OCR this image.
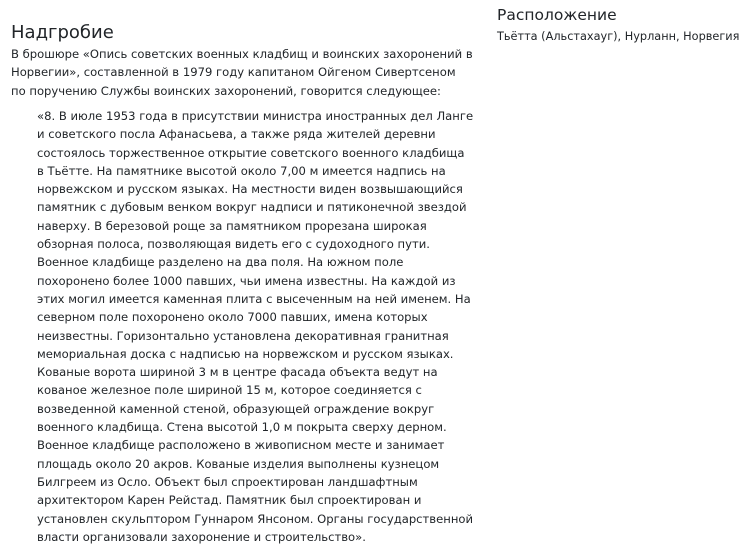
Надгробие

В брошюре «Опись советских военных кладбищ и воинских захоронений в Норвегии», составленной в 1979 году капитаном Ойгеном Сивертсеном по поручению Службы воинских захоронений, говорится следующее:

«8. В июле 1953 года в присутствии министра иностранных дел Ланге и советского посла Афанасьева, а также ряда жителей деревни состоялось торжественное открытие советского военного кладбища в Тьётте. На памятнике высотой около 7,00 м имеется надпись на норвежском и русском языках. На местности виден возвышающийся памятник с дубовым венком вокруг надписи и пятиконечной звездой наверху. В березовой роще за памятником прорезана широкая обзорная полоса, позволяющая видеть его с судоходного пути. Военное кладбище разделено на два поля. На южном поле похоронено более 1000 павших, чьи имена известны. На каждой из этих могил имеется каменная плита с высеченным на ней именем. На северном поле похоронено около 7000 павших, имена которых неизвестны. Горизонтально установлена декоративная гранитная мемориальная доска с надписью на норвежском и русском языках. Кованые ворота шириной 3 м в центре фасада объекта ведут на кованое железное поле шириной 15 м, которое соединяется с возведенной каменной стеной, образующей ограждение вокруг военного кладбища. Стена высотой 1,0 м покрыта сверху дерном. Военное кладбище расположено в живописном месте и занимает площадь около 20 акров. Кованые изделия выполнены кузнецом Билгреем из Осло. Объект был спроектирован ландшафтным архитектором Карен Рейстад. Памятник был спроектирован и установлен скульптором Гуннаром Янсоном. Органы государственной власти организовали захоронение и строительство».
Расположение

Тьётта (Альстахауг), Нурланн, Норвегия
